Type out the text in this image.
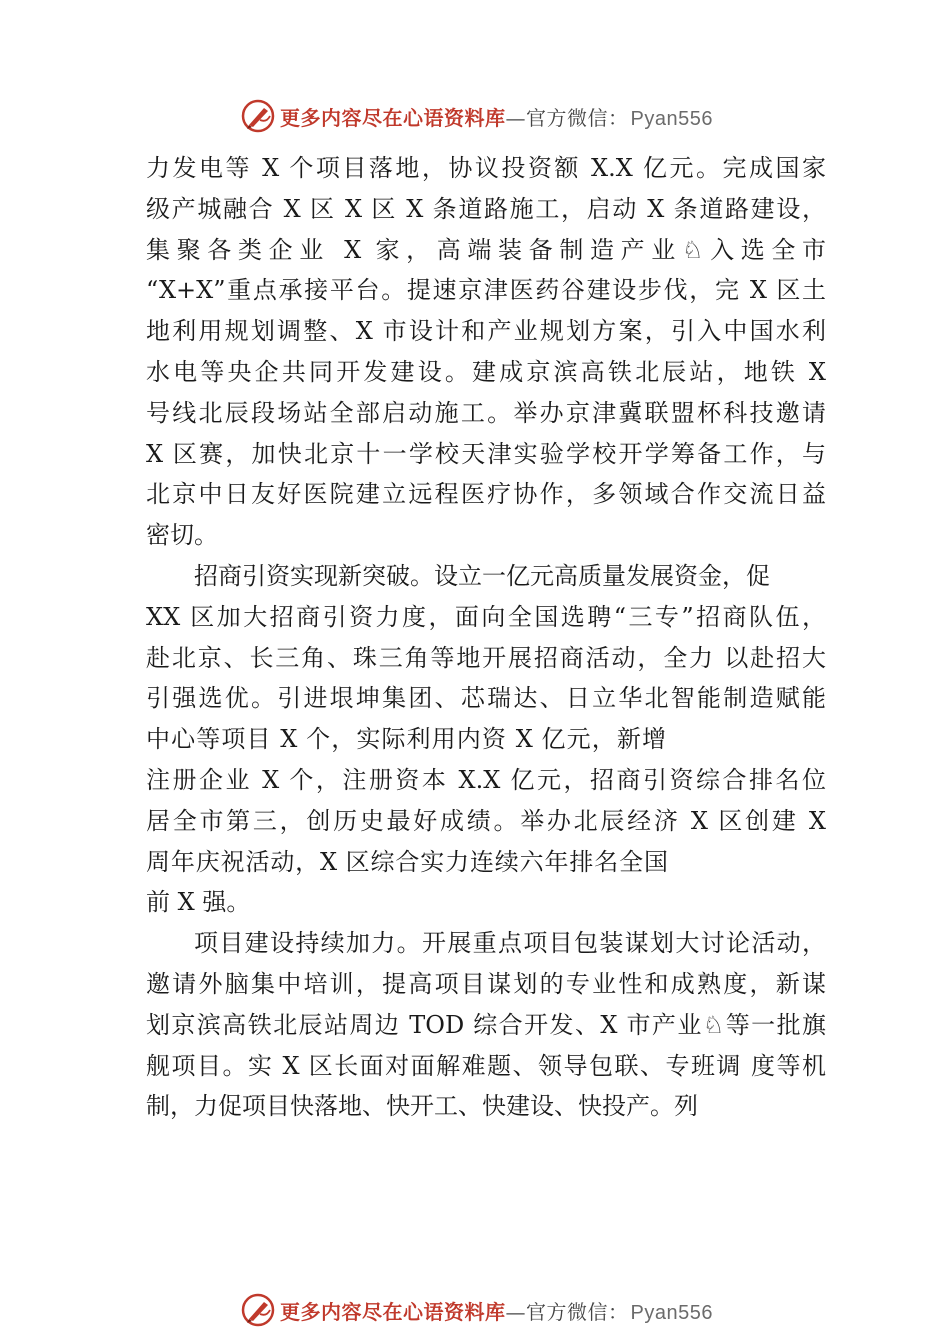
更多内容尽在心语资料库—官方微信： Pyan556
力发电等 X 个项目落地，协议投资额 X.X 亿元。完成国家
级产城融合 X 区 X 区 X 条道路施工，启动 X 条道路建设，
集聚各类企业 X 家，高端装备制造产业♘入选全市
“X+X”重点承接平台。提速京津医药谷建设步伐，完 X 区土
地利用规划调整、X 市设计和产业规划方案，引入中国水利
水电等央企共同开发建设。建成京滨高铁北辰站，地铁 X
号线北辰段场站全部启动施工。举办京津冀联盟杯科技邀请
X 区赛，加快北京十一学校天津实验学校开学筹备工作，与
北京中日友好医院建立远程医疗协作，多领域合作交流日益
密切。
招商引资实现新突破。设立一亿元高质量发展资金，促
XX 区加大招商引资力度，面向全国选聘“三专”招商队伍，
赴北京、长三角、珠三角等地开展招商活动，全力 以赴招大
引强选优。引进垠坤集团、芯瑞达、日立华北智能制造赋能
中心等项目 X 个，实际利用内资 X 亿元，新增
注册企业 X 个，注册资本 X.X 亿元，招商引资综合排名位
居全市第三，创历史最好成绩。举办北辰经济 X 区创建 X
周年庆祝活动，X 区综合实力连续六年排名全国
前 X 强。
项目建设持续加力。开展重点项目包装谋划大讨论活动，
邀请外脑集中培训，提高项目谋划的专业性和成熟度，新谋
划京滨高铁北辰站周边 TOD 综合开发、X 市产业♘等一批旗
舰项目。实 X 区长面对面解难题、领导包联、专班调 度等机
制，力促项目快落地、快开工、快建设、快投产。列
更多内容尽在心语资料库—官方微信： Pyan556
